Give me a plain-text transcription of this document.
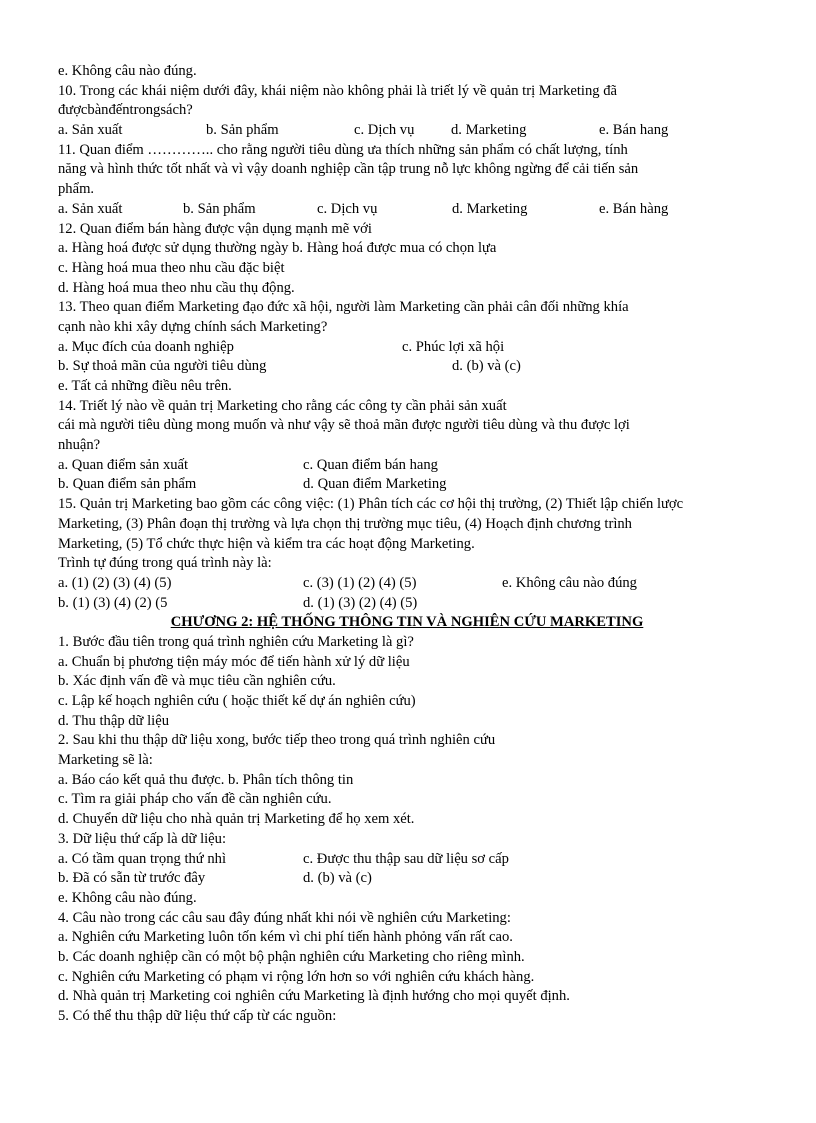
e. Không câu nào đúng.
10. Trong các khái niệm dưới đây, khái niệm nào không phải là triết lý về quản trị Marketing đã
đượcbànđếntrongsách?
a. Sản xuất	b. Sản phẩm	c. Dịch vụ	d. Marketing	e. Bán hang
11. Quan điểm ………….. cho rằng người tiêu dùng ưa thích những sản phẩm có chất lượng, tính
năng và hình thức tốt nhất và vì vậy doanh nghiệp cần tập trung nỗ lực không ngừng để cải tiến sản
phẩm.
a. Sản xuất	b. Sản phẩm	c. Dịch vụ	d. Marketing	e. Bán hàng
12. Quan điểm bán hàng được vận dụng mạnh mẽ với
a. Hàng hoá được sử dụng thường ngày b. Hàng hoá được mua có chọn lựa
c. Hàng hoá mua theo nhu cầu đặc biệt
d. Hàng hoá mua theo nhu cầu thụ động.
13. Theo quan điểm Marketing đạo đức xã hội, người làm Marketing cần phải cân đối những khía
cạnh nào khi xây dựng chính sách Marketing?
a. Mục đích của doanh nghiệp	c. Phúc lợi xã hội
b. Sự thoả mãn của người tiêu dùng	d. (b) và (c)
e. Tất cả những điều nêu trên.
14. Triết lý nào về quản trị Marketing cho rằng các công ty cần phải sản xuất
cái mà người tiêu dùng mong muốn và như vậy sẽ thoả mãn được người tiêu dùng và thu được lợi
nhuận?
a. Quan điểm sản xuất	c. Quan điểm bán hang
b. Quan điểm sản phẩm	d. Quan điểm Marketing
15. Quản trị Marketing bao gồm các công việc: (1) Phân tích các cơ hội thị trường, (2) Thiết lập chiến lược
Marketing, (3) Phân đoạn thị trường và lựa chọn thị trường mục tiêu, (4) Hoạch định chương trình
Marketing, (5) Tổ chức thực hiện và kiểm tra các hoạt động Marketing.
Trình tự đúng trong quá trình này là:
a. (1) (2) (3) (4) (5)	c. (3) (1) (2) (4) (5)	e. Không câu nào đúng
b. (1) (3) (4) (2) (5	d. (1) (3) (2) (4) (5)
CHƯƠNG 2: HỆ THỐNG THÔNG TIN VÀ NGHIÊN CỨU MARKETING
1. Bước đầu tiên trong quá trình nghiên cứu Marketing là gì?
a. Chuẩn bị phương tiện máy móc để tiến hành xử lý dữ liệu
b. Xác định vấn đề và mục tiêu cần nghiên cứu.
c. Lập kế hoạch nghiên cứu ( hoặc thiết kế dự án nghiên cứu)
d. Thu thập dữ liệu
2. Sau khi thu thập dữ liệu xong, bước tiếp theo trong quá trình nghiên cứu
Marketing sẽ là:
a. Báo cáo kết quả thu được. b. Phân tích thông tin
c. Tìm ra giải pháp cho vấn đề cần nghiên cứu.
d. Chuyển dữ liệu cho nhà quản trị Marketing để họ xem xét.
3. Dữ liệu thứ cấp là dữ liệu:
a. Có tầm quan trọng thứ nhì	c. Được thu thập sau dữ liệu sơ cấp
b. Đã có sẵn từ trước đây	d. (b) và (c)
e. Không câu nào đúng.
4. Câu nào trong các câu sau đây đúng nhất khi nói về nghiên cứu Marketing:
a. Nghiên cứu Marketing luôn tốn kém vì chi phí tiến hành phỏng vấn rất cao.
b. Các doanh nghiệp cần có một bộ phận nghiên cứu Marketing cho riêng mình.
c. Nghiên cứu Marketing có phạm vi rộng lớn hơn so với nghiên cứu khách hàng.
d. Nhà quản trị Marketing coi nghiên cứu Marketing là định hướng cho mọi quyết định.
5. Có thể thu thập dữ liệu thứ cấp từ các nguồn:
